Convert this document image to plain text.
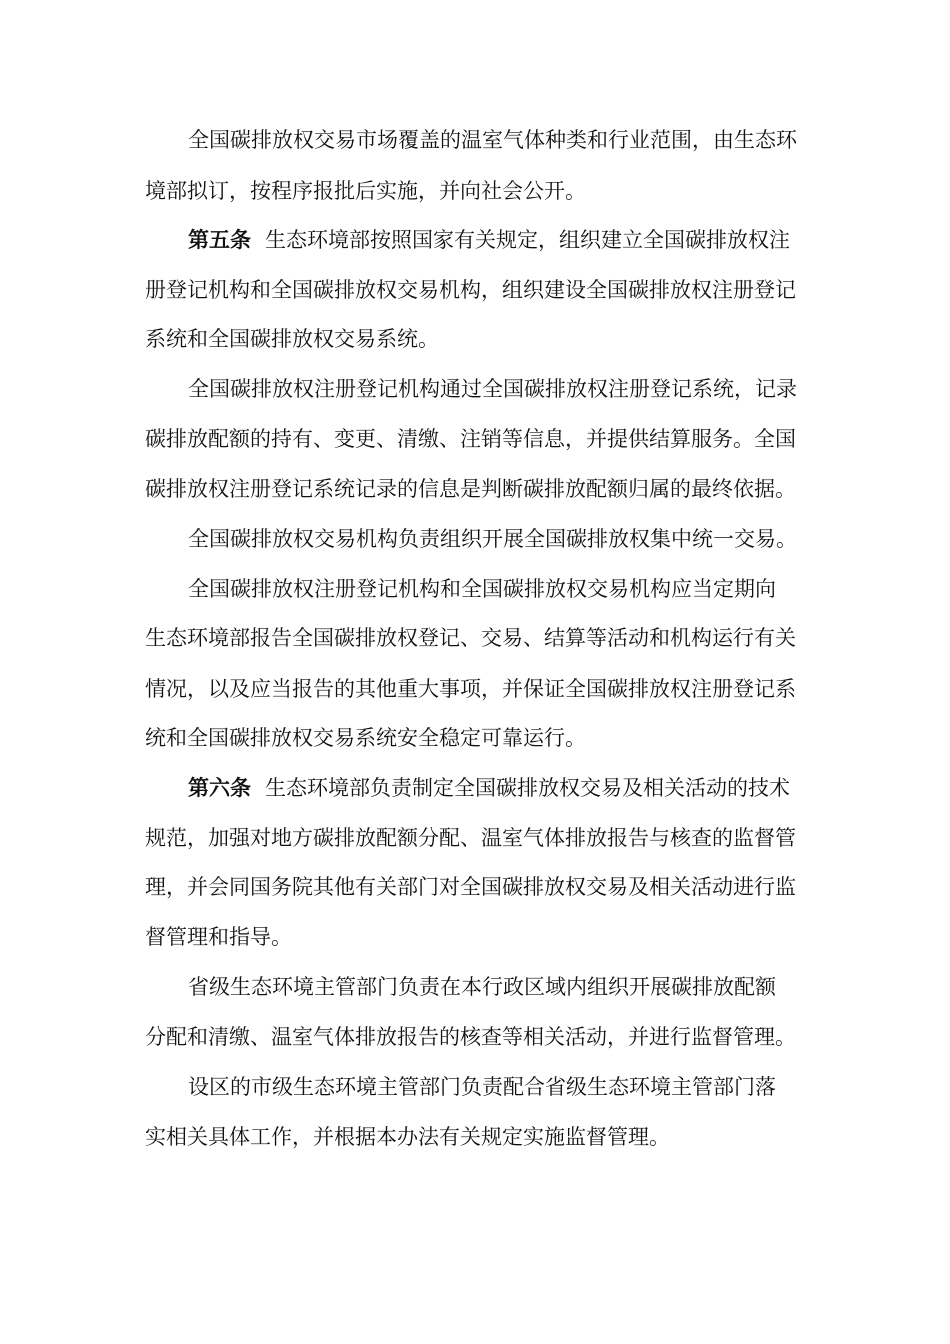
全国碳排放权交易市场覆盖的温室气体种类和行业范围，由生态环
境部拟订，按程序报批后实施，并向社会公开。
第五条 生态环境部按照国家有关规定，组织建立全国碳排放权注
册登记机构和全国碳排放权交易机构，组织建设全国碳排放权注册登记
系统和全国碳排放权交易系统。
全国碳排放权注册登记机构通过全国碳排放权注册登记系统，记录
碳排放配额的持有、变更、清缴、注销等信息，并提供结算服务。全国
碳排放权注册登记系统记录的信息是判断碳排放配额归属的最终依据。
全国碳排放权交易机构负责组织开展全国碳排放权集中统一交易。
全国碳排放权注册登记机构和全国碳排放权交易机构应当定期向
生态环境部报告全国碳排放权登记、交易、结算等活动和机构运行有关
情况，以及应当报告的其他重大事项，并保证全国碳排放权注册登记系
统和全国碳排放权交易系统安全稳定可靠运行。
第六条 生态环境部负责制定全国碳排放权交易及相关活动的技术
规范，加强对地方碳排放配额分配、温室气体排放报告与核查的监督管
理，并会同国务院其他有关部门对全国碳排放权交易及相关活动进行监
督管理和指导。
省级生态环境主管部门负责在本行政区域内组织开展碳排放配额
分配和清缴、温室气体排放报告的核查等相关活动，并进行监督管理。
设区的市级生态环境主管部门负责配合省级生态环境主管部门落
实相关具体工作，并根据本办法有关规定实施监督管理。
